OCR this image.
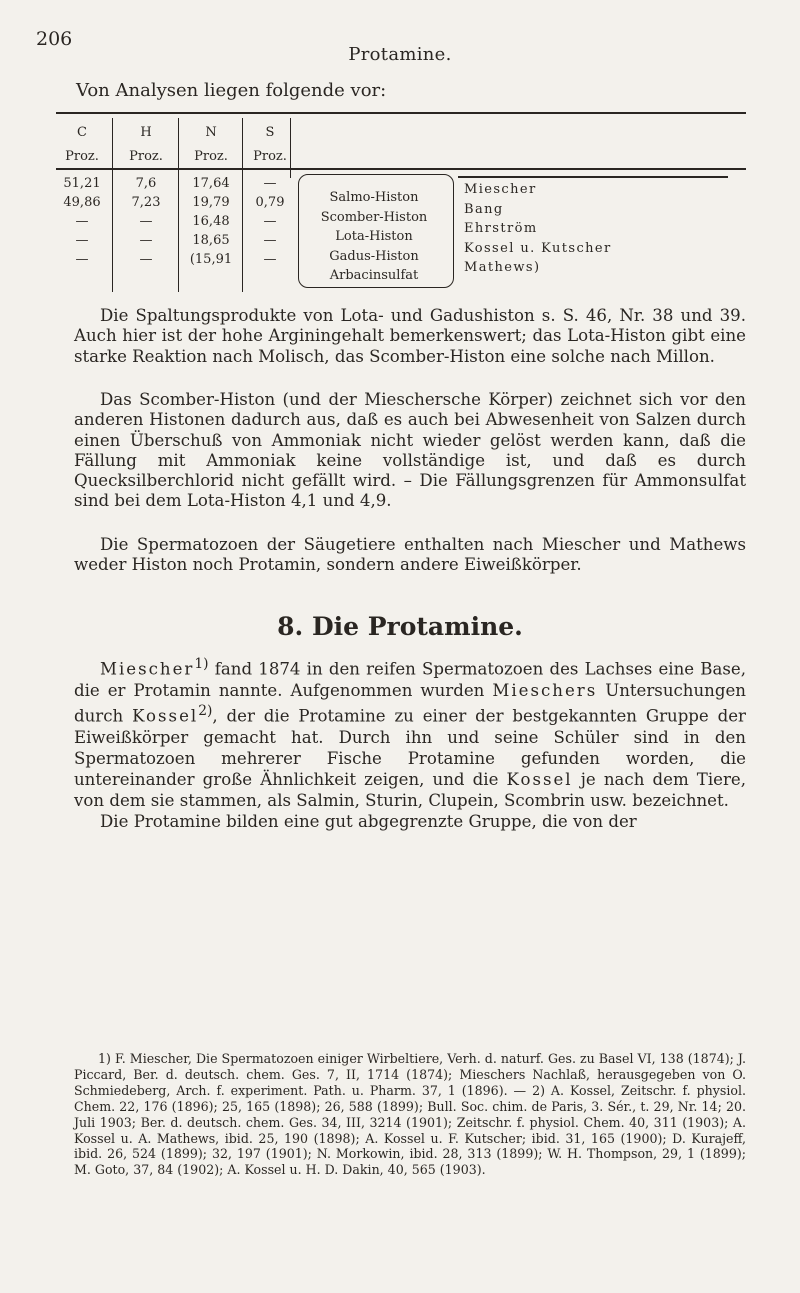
206
Protamine.
Von Analysen liegen folgende vor:
C
Proz.
H
Proz.
N
Proz.
S
Proz.
51,21
49,86
—
—
—
7,6
7,23
—
—
—
17,64
19,79
16,48
18,65
(15,91
—
0,79
—
—
—
Salmo-Histon
Scomber-Histon
Lota-Histon
Gadus-Histon
Arbacinsulfat
Miescher
Bang
Ehrström
Kossel u. Kutscher
Mathews)

Die Spaltungsprodukte von Lota- und Gadushiston s. S. 46, Nr. 38 und 39. Auch hier ist der hohe Arginingehalt bemerkenswert; das Lota-Histon gibt eine starke Reaktion nach Molisch, das Scomber-Histon eine solche nach Millon.

Das Scomber-Histon (und der Mieschersche Körper) zeichnet sich vor den anderen Histonen dadurch aus, daß es auch bei Abwesenheit von Salzen durch einen Überschuß von Ammoniak nicht wieder gelöst werden kann, daß die Fällung mit Ammoniak keine vollständige ist, und daß es durch Quecksilberchlorid nicht gefällt wird. – Die Fällungsgrenzen für Ammonsulfat sind bei dem Lota-Histon 4,1 und 4,9.

Die Spermatozoen der Säugetiere enthalten nach Miescher und Mathews weder Histon noch Protamin, sondern andere Eiweißkörper.

8. Die Protamine.

Miescher$^{1)}$ fand 1874 in den reifen Spermatozoen des Lachses eine Base, die er Protamin nannte. Aufgenommen wurden Mieschers Untersuchungen durch Kossel$^{2)}$, der die Protamine zu einer der bestgekannten Gruppe der Eiweißkörper gemacht hat. Durch ihn und seine Schüler sind in den Spermatozoen mehrerer Fische Protamine gefunden worden, die untereinander große Ähnlichkeit zeigen, und die Kossel je nach dem Tiere, von dem sie stammen, als Salmin, Sturin, Clupein, Scombrin usw. bezeichnet.

Die Protamine bilden eine gut abgegrenzte Gruppe, die von der

1) F. Miescher, Die Spermatozoen einiger Wirbeltiere, Verh. d. naturf. Ges. zu Basel VI, 138 (1874); J. Piccard, Ber. d. deutsch. chem. Ges. 7, II, 1714 (1874); Mieschers Nachlaß, herausgegeben von O. Schmiedeberg, Arch. f. experiment. Path. u. Pharm. 37, 1 (1896). — 2) A. Kossel, Zeitschr. f. physiol. Chem. 22, 176 (1896); 25, 165 (1898); 26, 588 (1899); Bull. Soc. chim. de Paris, 3. Sér., t. 29, Nr. 14; 20. Juli 1903; Ber. d. deutsch. chem. Ges. 34, III, 3214 (1901); Zeitschr. f. physiol. Chem. 40, 311 (1903); A. Kossel u. A. Mathews, ibid. 25, 190 (1898); A. Kossel u. F. Kutscher; ibid. 31, 165 (1900); D. Kurajeff, ibid. 26, 524 (1899); 32, 197 (1901); N. Morkowin, ibid. 28, 313 (1899); W. H. Thompson, 29, 1 (1899); M. Goto, 37, 84 (1902); A. Kossel u. H. D. Dakin, 40, 565 (1903).
